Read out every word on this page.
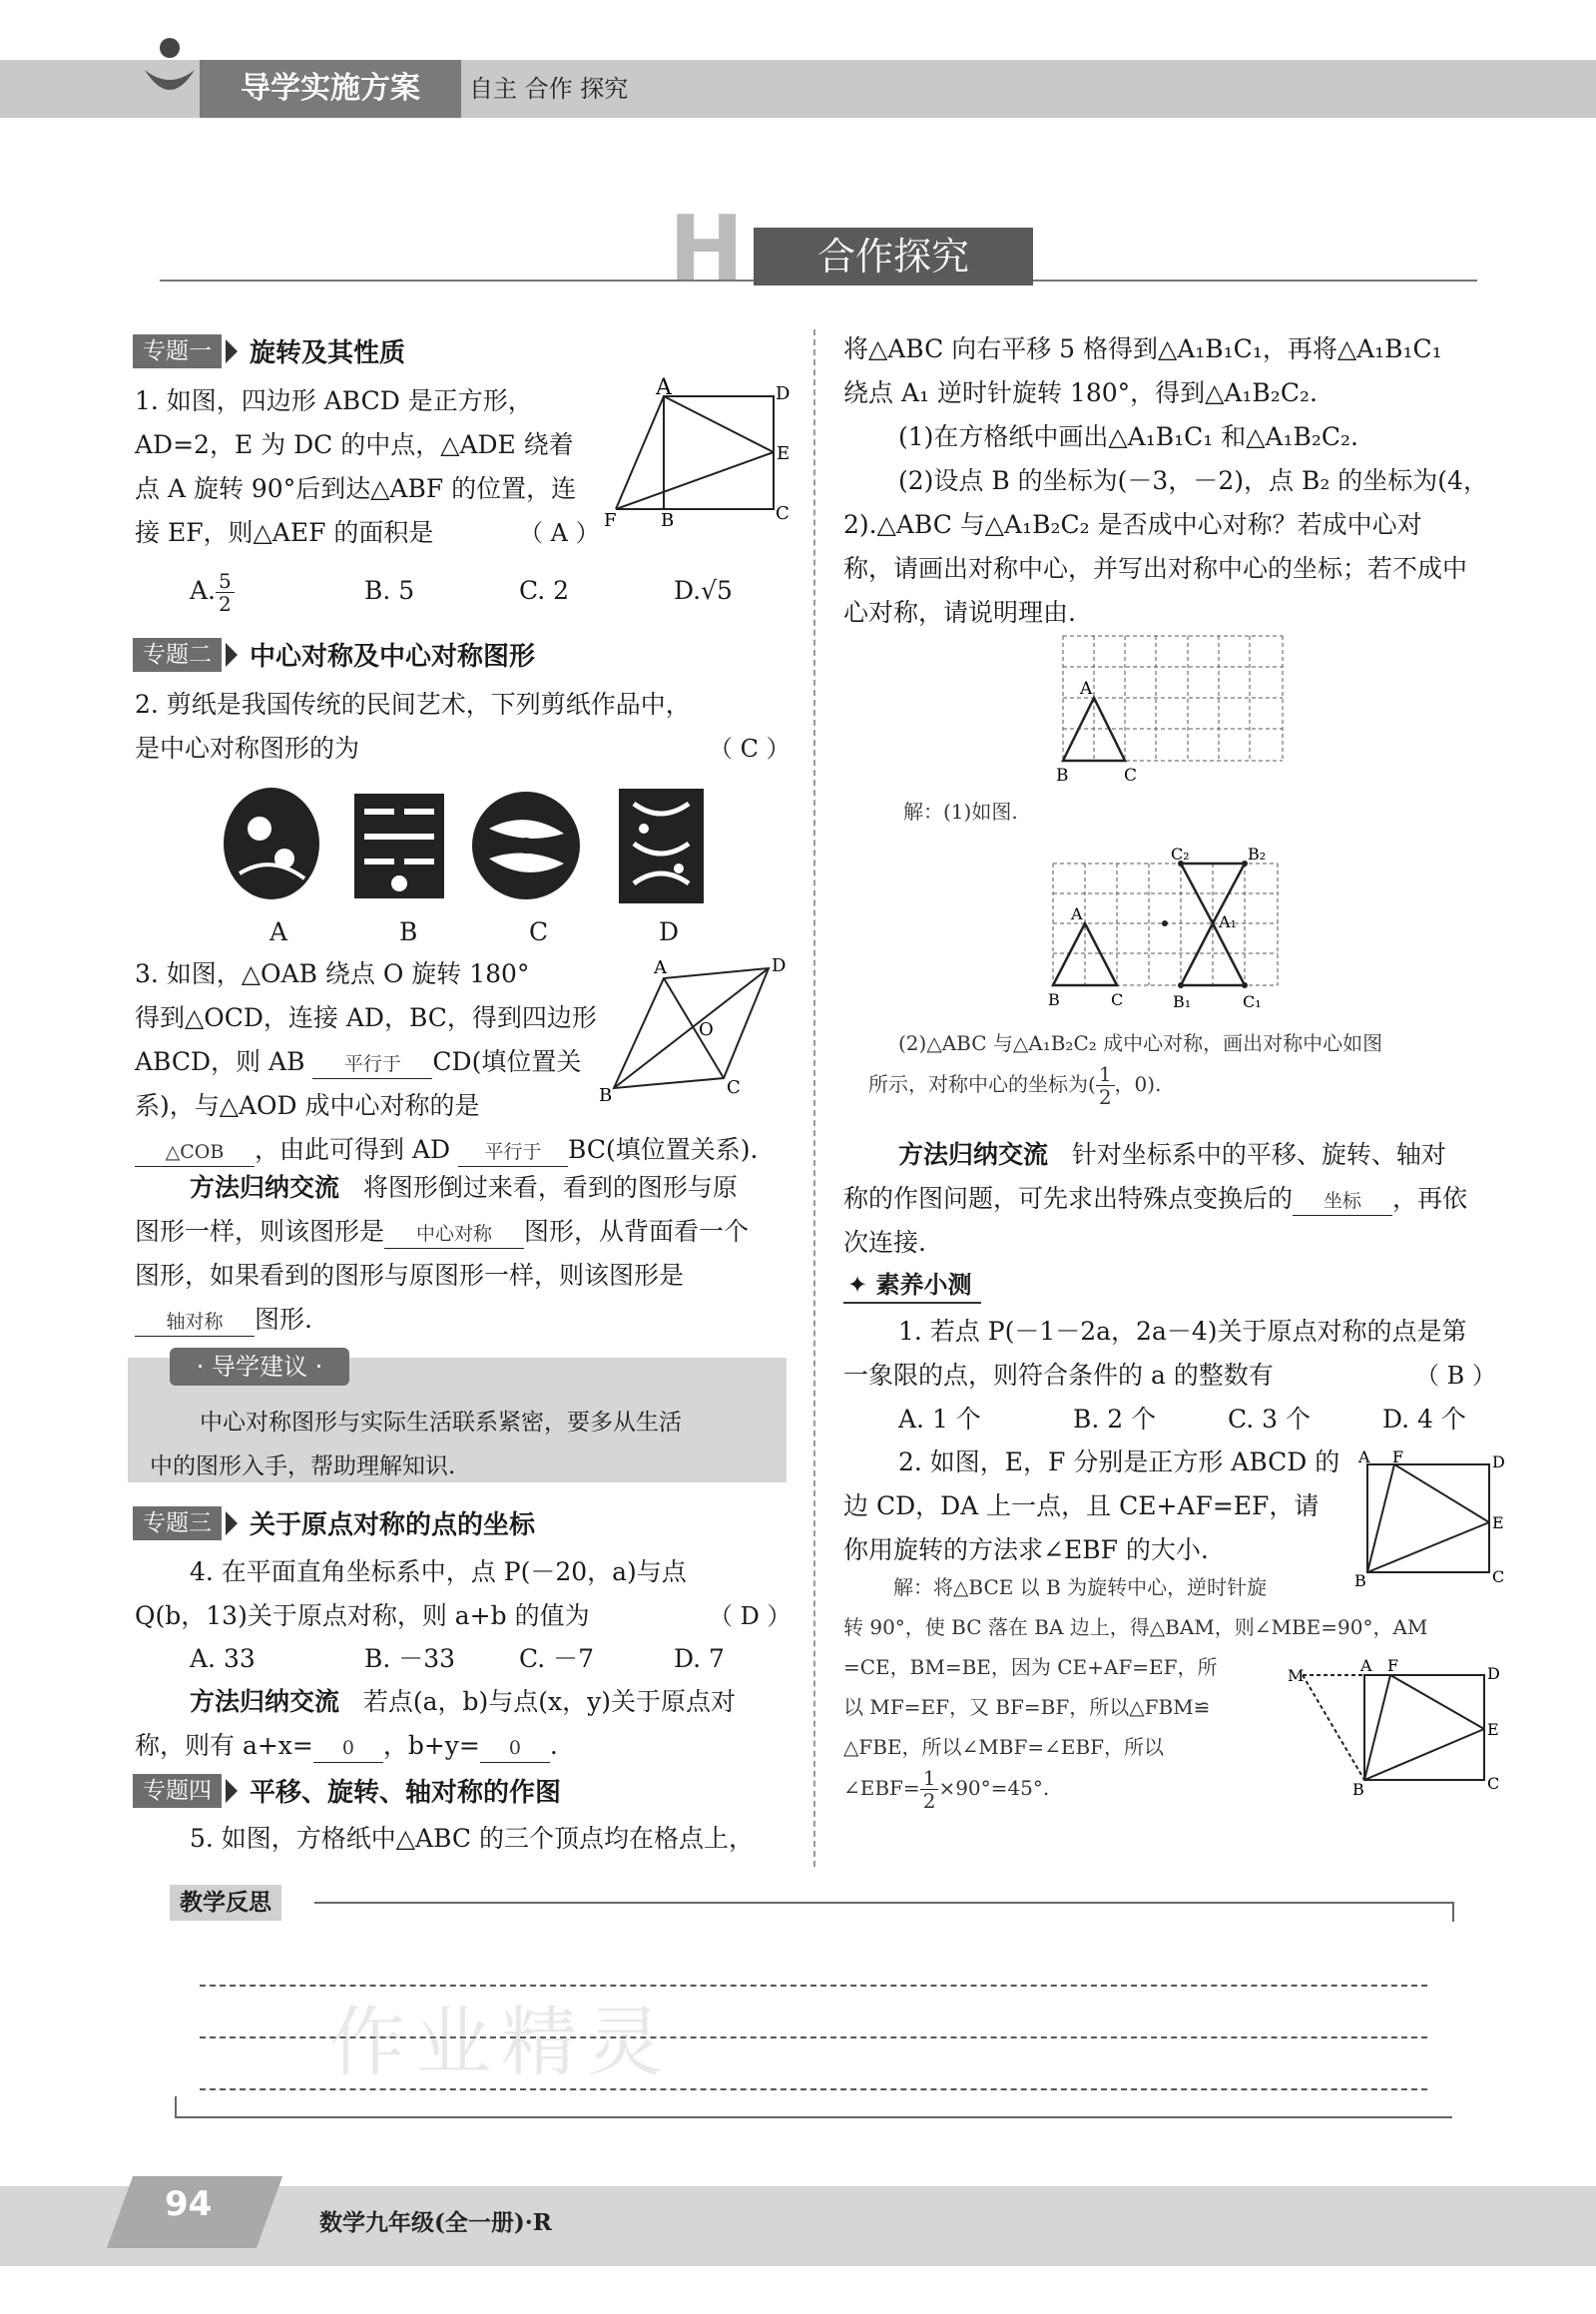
导学实施方案	自主 合作 探究
H	合作探究
专题一 旋转及其性质
1. 如图，四边形 ABCD 是正方形，
AD=2，E 为 DC 的中点，△ADE 绕着
点 A 旋转 90°后到达△ABF 的位置，连
接 EF，则△AEF 的面积是	（ A ）
A	D
E
F B	C
A. $\frac{5}{2}$	B. 5	C. 2	D.√5
专题二 中心对称及中心对称图形
2. 剪纸是我国传统的民间艺术，下列剪纸作品中，
是中心对称图形的为	（ C ）
A	B	C	D
3. 如图，△OAB 绕点 O 旋转 180°
得到△OCD，连接 AD，BC，得到四边形
ABCD，则 AB 平行于 CD(填位置关
系)，与△AOD 成中心对称的是
△COB ，由此可得到 AD 平行于 BC(填位置关系).
A	D
O
B	C
方法归纳交流 将图形倒过来看，看到的图形与原
图形一样，则该图形是 中心对称 图形，从背面看一个
图形，如果看到的图形与原图形一样，则该图形是
轴对称 图形.
· 导学建议 ·
中心对称图形与实际生活联系紧密，要多从生活
中的图形入手，帮助理解知识.
专题三 关于原点对称的点的坐标
4. 在平面直角坐标系中，点 P(－20，a)与点
Q(b，13)关于原点对称，则 a+b 的值为	（ D ）
A. 33	B. －33	C. －7	D. 7
方法归纳交流 若点(a，b)与点(x，y)关于原点对
称，则有 a+x= 0 ，b+y= 0 .
专题四 平移、旋转、轴对称的作图
5. 如图，方格纸中△ABC 的三个顶点均在格点上，
将△ABC 向右平移 5 格得到△A₁B₁C₁，再将△A₁B₁C₁
绕点 A₁ 逆时针旋转 180°，得到△A₁B₂C₂.
(1)在方格纸中画出△A₁B₁C₁ 和△A₁B₂C₂.
(2)设点 B 的坐标为(－3，－2)，点 B₂ 的坐标为(4，
2).△ABC 与△A₁B₂C₂ 是否成中心对称？若成中心对
称，请画出对称中心，并写出对称中心的坐标；若不成中
心对称，请说明理由.
A
B	C
解：(1)如图.
C₂	B₂
A	A₁
B	C	B₁	C₁
(2)△ABC 与△A₁B₂C₂ 成中心对称，画出对称中心如图
所示，对称中心的坐标为( $\frac{1}{2}$ ，0).
方法归纳交流 针对坐标系中的平移、旋转、轴对
称的作图问题，可先求出特殊点变换后的 坐标 ，再依
次连接.
✦ 素养小测
1. 若点 P(－1－2a，2a－4)关于原点对称的点是第
一象限的点，则符合条件的 a 的整数有	（ B ）
A. 1 个	B. 2 个	C. 3 个	D. 4 个
2. 如图，E，F 分别是正方形 ABCD 的
边 CD，DA 上一点，且 CE+AF=EF，请
你用旋转的方法求∠EBF 的大小.
A F	D
E
B	C
解：将△BCE 以 B 为旋转中心，逆时针旋
转 90°，使 BC 落在 BA 边上，得△BAM，则∠MBE=90°，AM
=CE，BM=BE，因为 CE+AF=EF，所
以 MF=EF，又 BF=BF，所以△FBM≌
△FBE，所以∠MBF=∠EBF，所以
∠EBF= $\frac{1}{2} \times 90^\circ=45^\circ$.
M
A F	D
E
B	C
教学反思
作业精灵
94	数学九年级(全一册)·R
